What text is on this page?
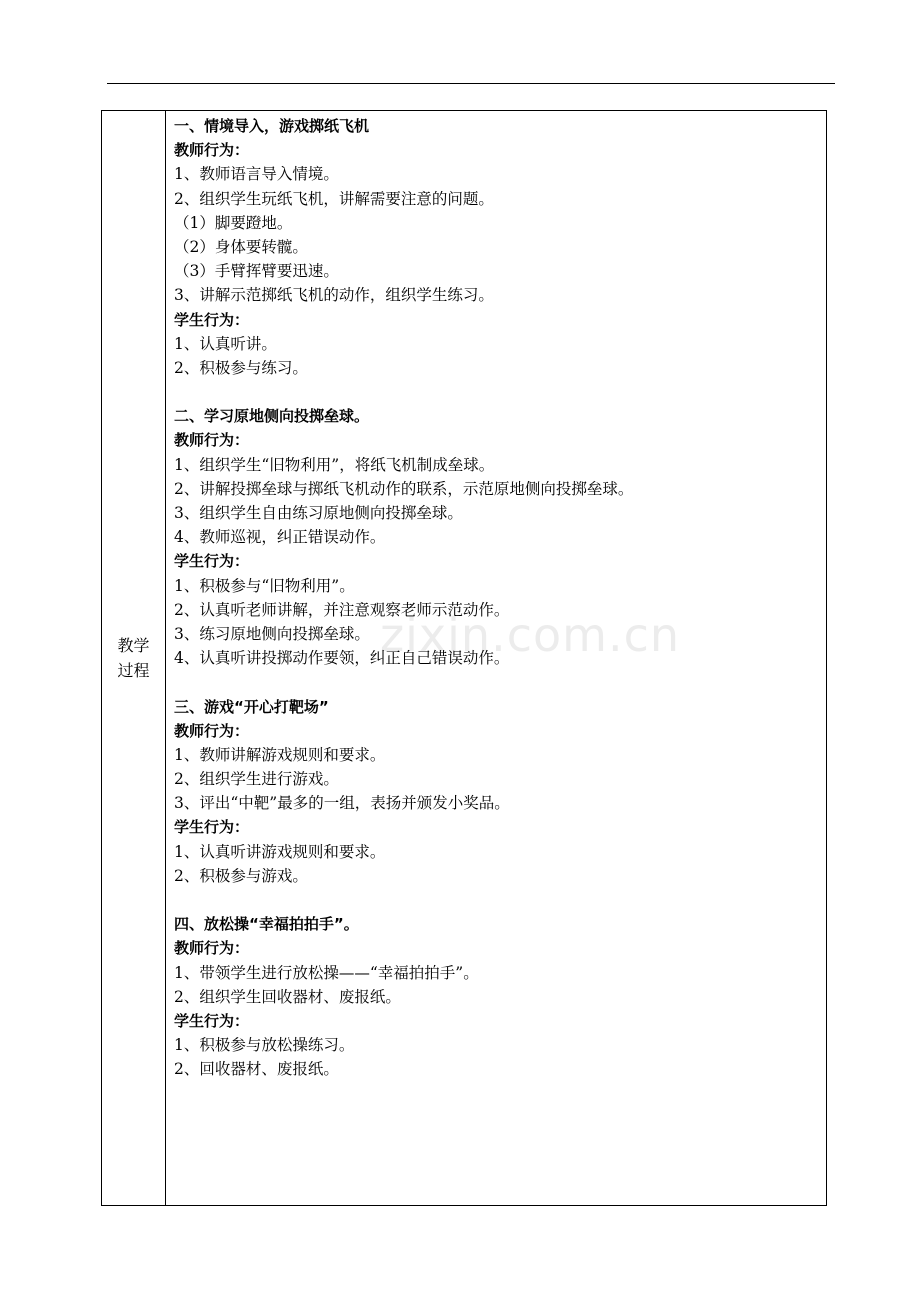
zixin.com.cn
教学
过程
一、情境导入，游戏掷纸飞机
教师行为：
1、教师语言导入情境。
2、组织学生玩纸飞机，讲解需要注意的问题。
（1）脚要蹬地。
（2）身体要转髋。
（3）手臂挥臂要迅速。
3、讲解示范掷纸飞机的动作，组织学生练习。
学生行为：
1、认真听讲。
2、积极参与练习。
二、学习原地侧向投掷垒球。
教师行为：
1、组织学生“旧物利用”，将纸飞机制成垒球。
2、讲解投掷垒球与掷纸飞机动作的联系，示范原地侧向投掷垒球。
3、组织学生自由练习原地侧向投掷垒球。
4、教师巡视，纠正错误动作。
学生行为：
1、积极参与“旧物利用”。
2、认真听老师讲解，并注意观察老师示范动作。
3、练习原地侧向投掷垒球。
4、认真听讲投掷动作要领，纠正自己错误动作。
三、游戏“开心打靶场”
教师行为：
1、教师讲解游戏规则和要求。
2、组织学生进行游戏。
3、评出“中靶”最多的一组，表扬并颁发小奖品。
学生行为：
1、认真听讲游戏规则和要求。
2、积极参与游戏。
四、放松操“幸福拍拍手”。
教师行为：
1、带领学生进行放松操——“幸福拍拍手”。
2、组织学生回收器材、废报纸。
学生行为：
1、积极参与放松操练习。
2、回收器材、废报纸。
